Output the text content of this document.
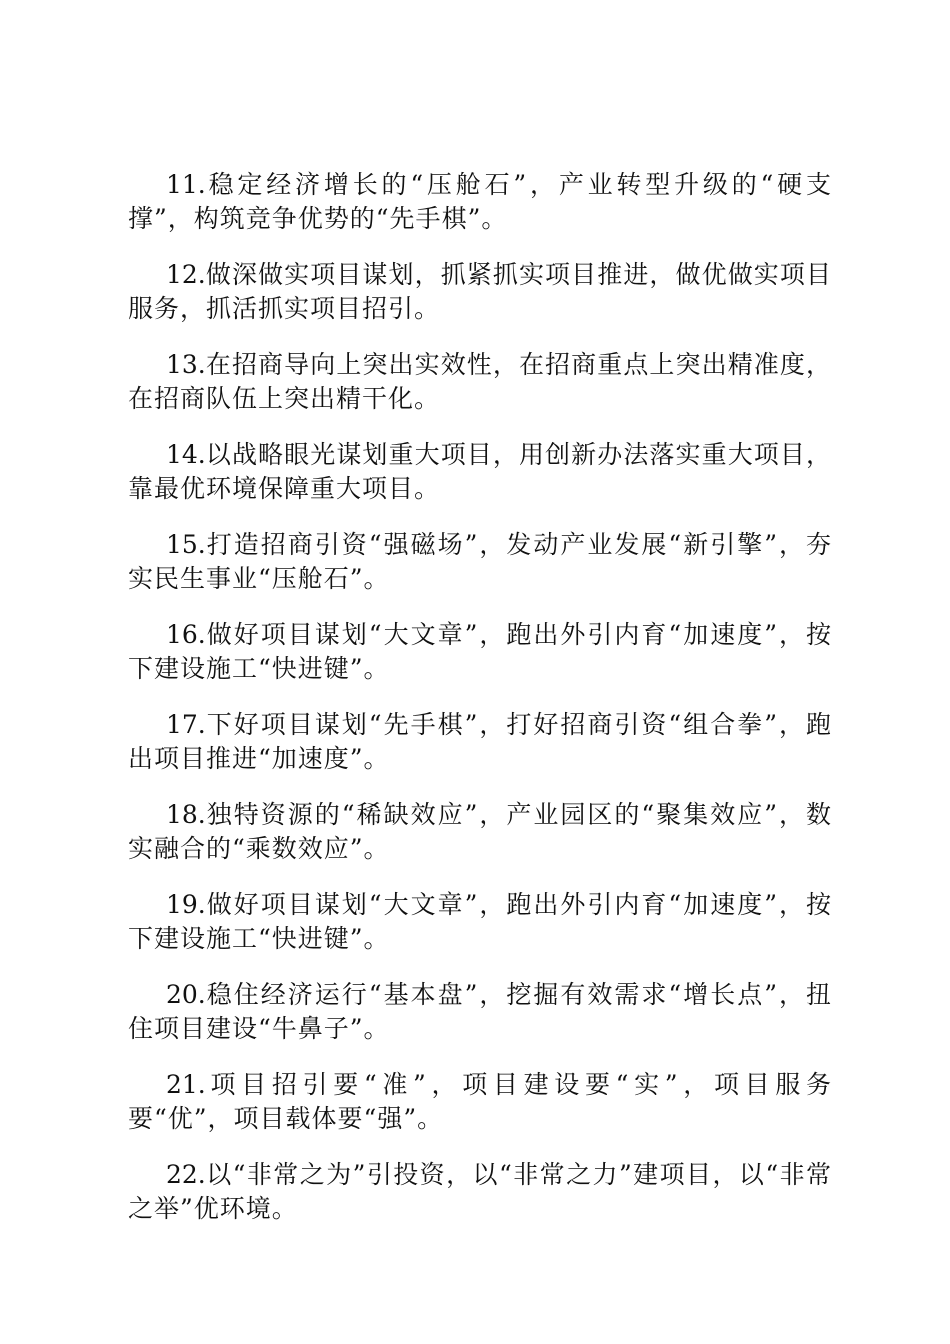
11.稳定经济增长的“压舱石”，产业转型升级的“硬支撑”，构筑竞争优势的“先手棋”。

12.做深做实项目谋划，抓紧抓实项目推进，做优做实项目服务，抓活抓实项目招引。

13.在招商导向上突出实效性，在招商重点上突出精准度，在招商队伍上突出精干化。

14.以战略眼光谋划重大项目，用创新办法落实重大项目，靠最优环境保障重大项目。

15.打造招商引资“强磁场”，发动产业发展“新引擎”，夯实民生事业“压舱石”。

16.做好项目谋划“大文章”，跑出外引内育“加速度”，按下建设施工“快进键”。

17.下好项目谋划“先手棋”，打好招商引资“组合拳”，跑出项目推进“加速度”。

18.独特资源的“稀缺效应”，产业园区的“聚集效应”，数实融合的“乘数效应”。

19.做好项目谋划“大文章”，跑出外引内育“加速度”，按下建设施工“快进键”。

20.稳住经济运行“基本盘”，挖掘有效需求“增长点”，扭住项目建设“牛鼻子”。

21.项目招引要“准”，项目建设要“实”，项目服务要“优”，项目载体要“强”。

22.以“非常之为”引投资，以“非常之力”建项目，以“非常之举”优环境。
